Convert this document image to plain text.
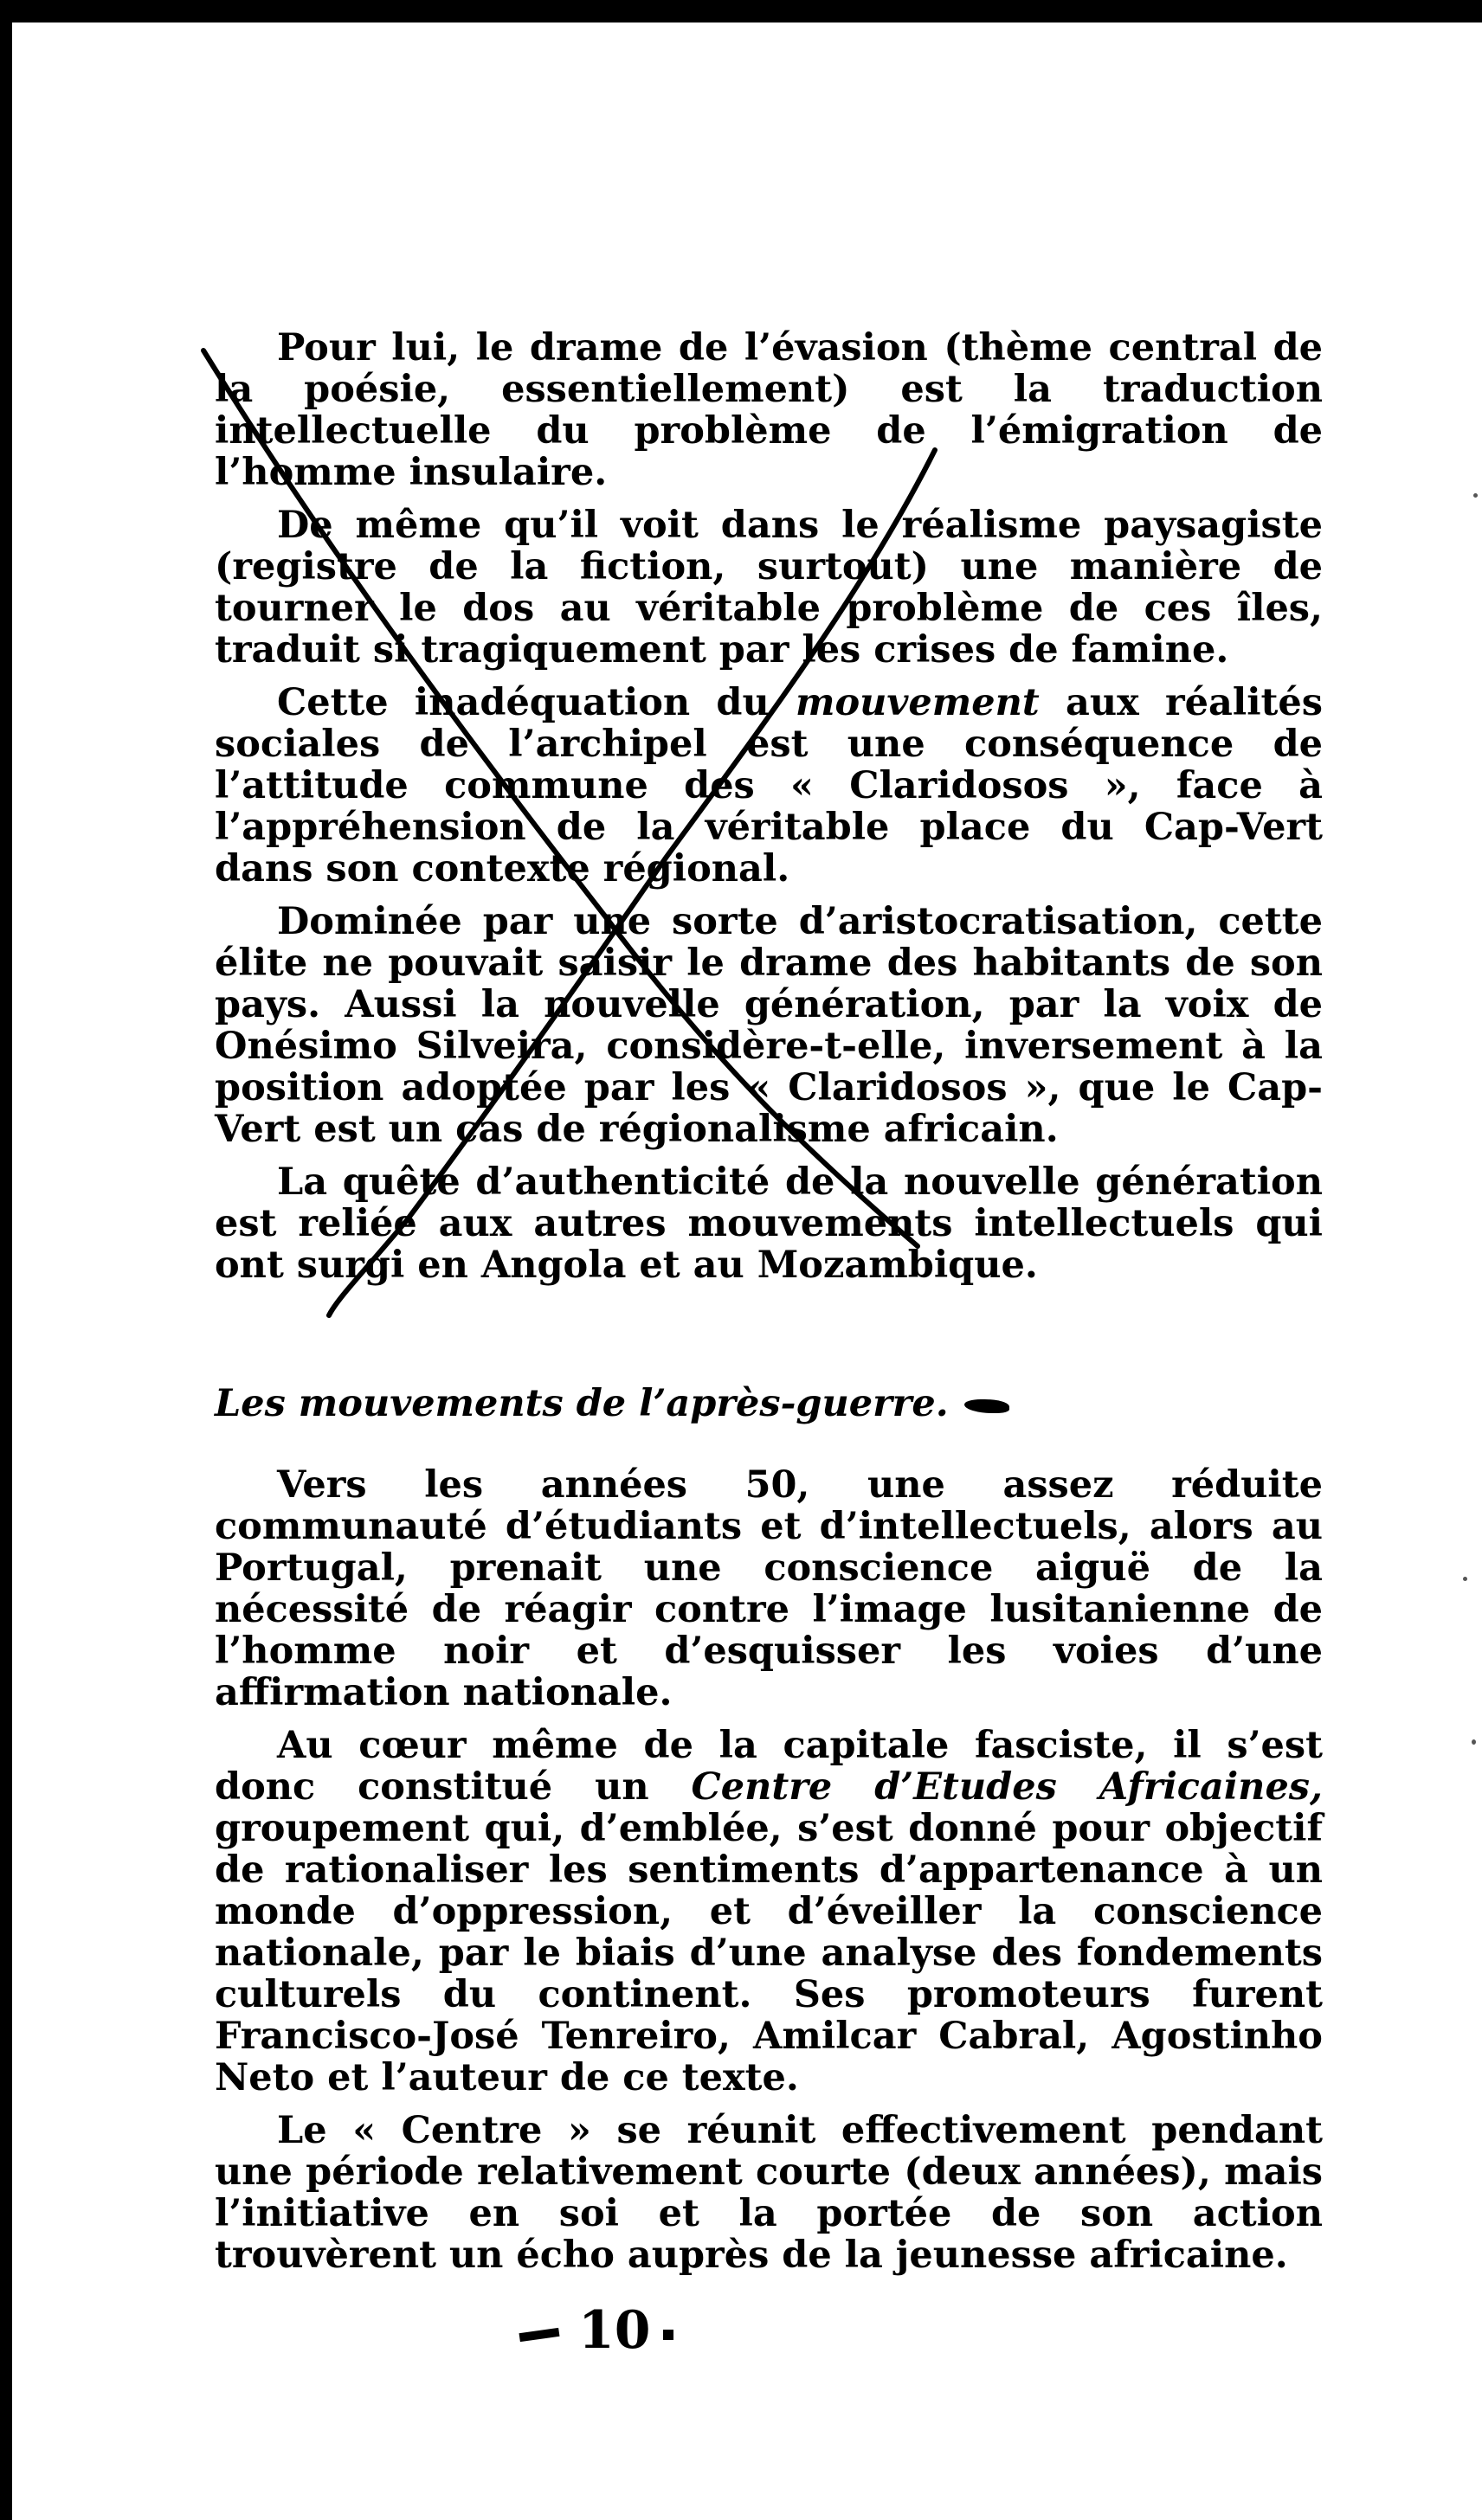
Pour lui, le drame de l’évasion (thème central de la poésie, essentiellement) est la traduction intellectuelle du problème de l’émigration de l’homme insulaire.

De même qu’il voit dans le réalisme paysagiste (registre de la fiction, surtout) une manière de tourner le dos au véritable problème de ces îles, traduit si tragiquement par les crises de famine.

Cette inadéquation du mouvement aux réalités sociales de l’archipel est une conséquence de l’attitude commune des « Claridosos », face à l’appréhension de la véritable place du Cap-Vert dans son contexte régional.

Dominée par une sorte d’aristocratisation, cette élite ne pouvait saisir le drame des habitants de son pays. Aussi la nouvelle génération, par la voix de Onésimo Silveira, considère-t-elle, inversement à la position adoptée par les « Claridosos », que le Cap-Vert est un cas de régionalisme africain.

La quête d’authenticité de la nouvelle génération est reliée aux autres mouvements intellectuels qui ont surgi en Angola et au Mozambique.

Les mouvements de l’après-guerre.

Vers les années 50, une assez réduite communauté d’étudiants et d’intellectuels, alors au Portugal, prenait une conscience aiguë de la nécessité de réagir contre l’image lusitanienne de l’homme noir et d’esquisser les voies d’une affirmation nationale.

Au cœur même de la capitale fasciste, il s’est donc constitué un Centre d’Etudes Africaines, groupement qui, d’emblée, s’est donné pour objectif de rationaliser les sentiments d’appartenance à un monde d’oppression, et d’éveiller la conscience nationale, par le biais d’une analyse des fondements culturels du continent. Ses promoteurs furent Francisco-José Tenreiro, Amilcar Cabral, Agostinho Neto et l’auteur de ce texte.

Le « Centre » se réunit effectivement pendant une période relativement courte (deux années), mais l’initiative en soi et la portée de son action trouvèrent un écho auprès de la jeunesse africaine.

10
